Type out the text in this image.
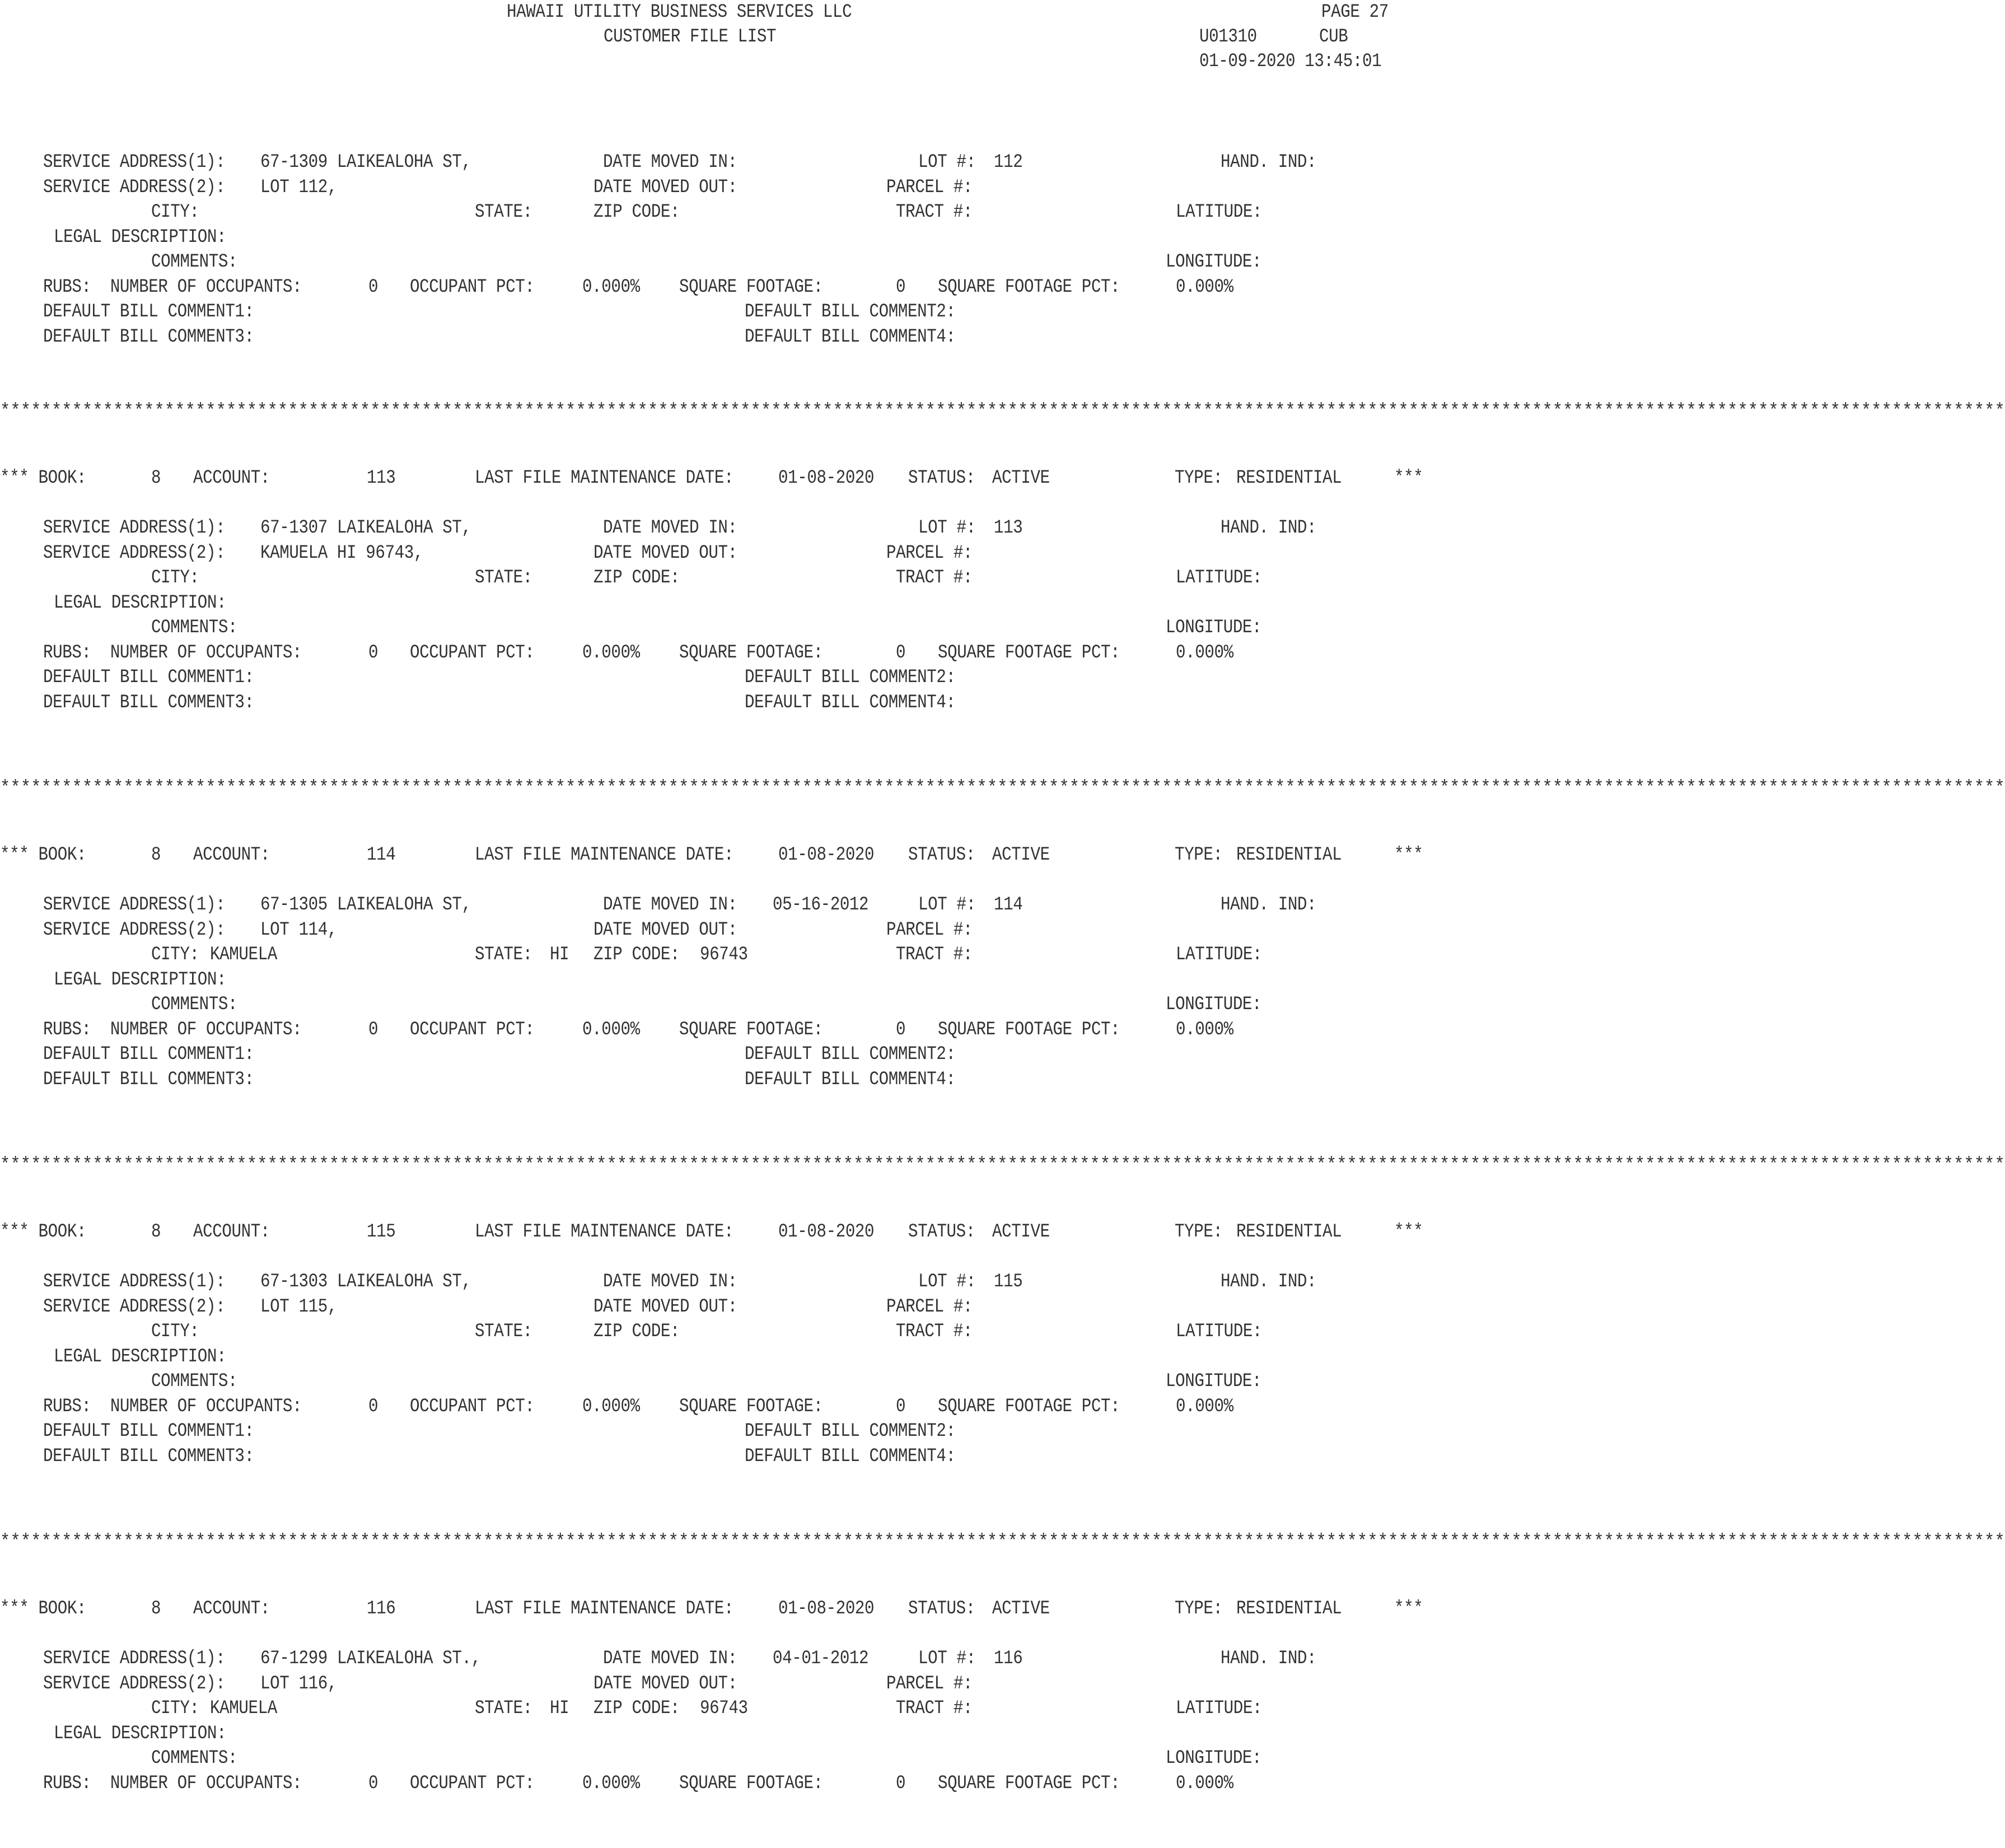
HAWAII UTILITY BUSINESS SERVICES LLC
CUSTOMER FILE LIST
PAGE 27
U01310	CUB
01-09-2020 13:45:01
SERVICE ADDRESS(1): 67-1309 LAIKEALOHA ST,	DATE MOVED IN:	LOT #: 112	HAND. IND:
SERVICE ADDRESS(2): LOT 112,	DATE MOVED OUT:	PARCEL #:
CITY:	STATE:	ZIP CODE:	TRACT #:	LATITUDE:
LEGAL DESCRIPTION:
COMMENTS:	LONGITUDE:
RUBS:  NUMBER OF OCCUPANTS:	0 OCCUPANT PCT:	0.000% SQUARE FOOTAGE:	0 SQUARE FOOTAGE PCT:	0.000%
DEFAULT BILL COMMENT1:	DEFAULT BILL COMMENT2:
DEFAULT BILL COMMENT3:	DEFAULT BILL COMMENT4:
*** BOOK:	8 ACCOUNT:	113	LAST FILE MAINTENANCE DATE: 01-08-2020 STATUS: ACTIVE	TYPE: RESIDENTIAL	***
SERVICE ADDRESS(1): 67-1307 LAIKEALOHA ST,	DATE MOVED IN:	LOT #: 113	HAND. IND:
SERVICE ADDRESS(2): KAMUELA HI 96743,	DATE MOVED OUT:	PARCEL #:
CITY:	STATE:	ZIP CODE:	TRACT #:	LATITUDE:
LEGAL DESCRIPTION:
COMMENTS:	LONGITUDE:
RUBS:  NUMBER OF OCCUPANTS:	0 OCCUPANT PCT:	0.000% SQUARE FOOTAGE:	0 SQUARE FOOTAGE PCT:	0.000%
DEFAULT BILL COMMENT1:	DEFAULT BILL COMMENT2:
DEFAULT BILL COMMENT3:	DEFAULT BILL COMMENT4:
*** BOOK:	8 ACCOUNT:	114	LAST FILE MAINTENANCE DATE: 01-08-2020 STATUS: ACTIVE	TYPE: RESIDENTIAL	***
SERVICE ADDRESS(1): 67-1305 LAIKEALOHA ST,	DATE MOVED IN: 05-16-2012	LOT #: 114	HAND. IND:
SERVICE ADDRESS(2): LOT 114,	DATE MOVED OUT:	PARCEL #:
CITY: KAMUELA	STATE: HI ZIP CODE: 96743	TRACT #:	LATITUDE:
LEGAL DESCRIPTION:
COMMENTS:	LONGITUDE:
RUBS:  NUMBER OF OCCUPANTS:	0 OCCUPANT PCT:	0.000% SQUARE FOOTAGE:	0 SQUARE FOOTAGE PCT:	0.000%
DEFAULT BILL COMMENT1:	DEFAULT BILL COMMENT2:
DEFAULT BILL COMMENT3:	DEFAULT BILL COMMENT4:
*** BOOK:	8 ACCOUNT:	115	LAST FILE MAINTENANCE DATE: 01-08-2020 STATUS: ACTIVE	TYPE: RESIDENTIAL	***
SERVICE ADDRESS(1): 67-1303 LAIKEALOHA ST,	DATE MOVED IN:	LOT #: 115	HAND. IND:
SERVICE ADDRESS(2): LOT 115,	DATE MOVED OUT:	PARCEL #:
CITY:	STATE:	ZIP CODE:	TRACT #:	LATITUDE:
LEGAL DESCRIPTION:
COMMENTS:	LONGITUDE:
RUBS:  NUMBER OF OCCUPANTS:	0 OCCUPANT PCT:	0.000% SQUARE FOOTAGE:	0 SQUARE FOOTAGE PCT:	0.000%
DEFAULT BILL COMMENT1:	DEFAULT BILL COMMENT2:
DEFAULT BILL COMMENT3:	DEFAULT BILL COMMENT4:
*** BOOK:	8 ACCOUNT:	116	LAST FILE MAINTENANCE DATE: 01-08-2020 STATUS: ACTIVE	TYPE: RESIDENTIAL	***
SERVICE ADDRESS(1): 67-1299 LAIKEALOHA ST.,	DATE MOVED IN: 04-01-2012	LOT #: 116	HAND. IND:
SERVICE ADDRESS(2): LOT 116,	DATE MOVED OUT:	PARCEL #:
CITY: KAMUELA	STATE: HI ZIP CODE: 96743	TRACT #:	LATITUDE:
LEGAL DESCRIPTION:
COMMENTS:	LONGITUDE:
RUBS:  NUMBER OF OCCUPANTS:	0 OCCUPANT PCT:	0.000% SQUARE FOOTAGE:	0 SQUARE FOOTAGE PCT:	0.000%
***************************************************************************************************************************************************************************************************
***************************************************************************************************************************************************************************************************
***************************************************************************************************************************************************************************************************
***************************************************************************************************************************************************************************************************
